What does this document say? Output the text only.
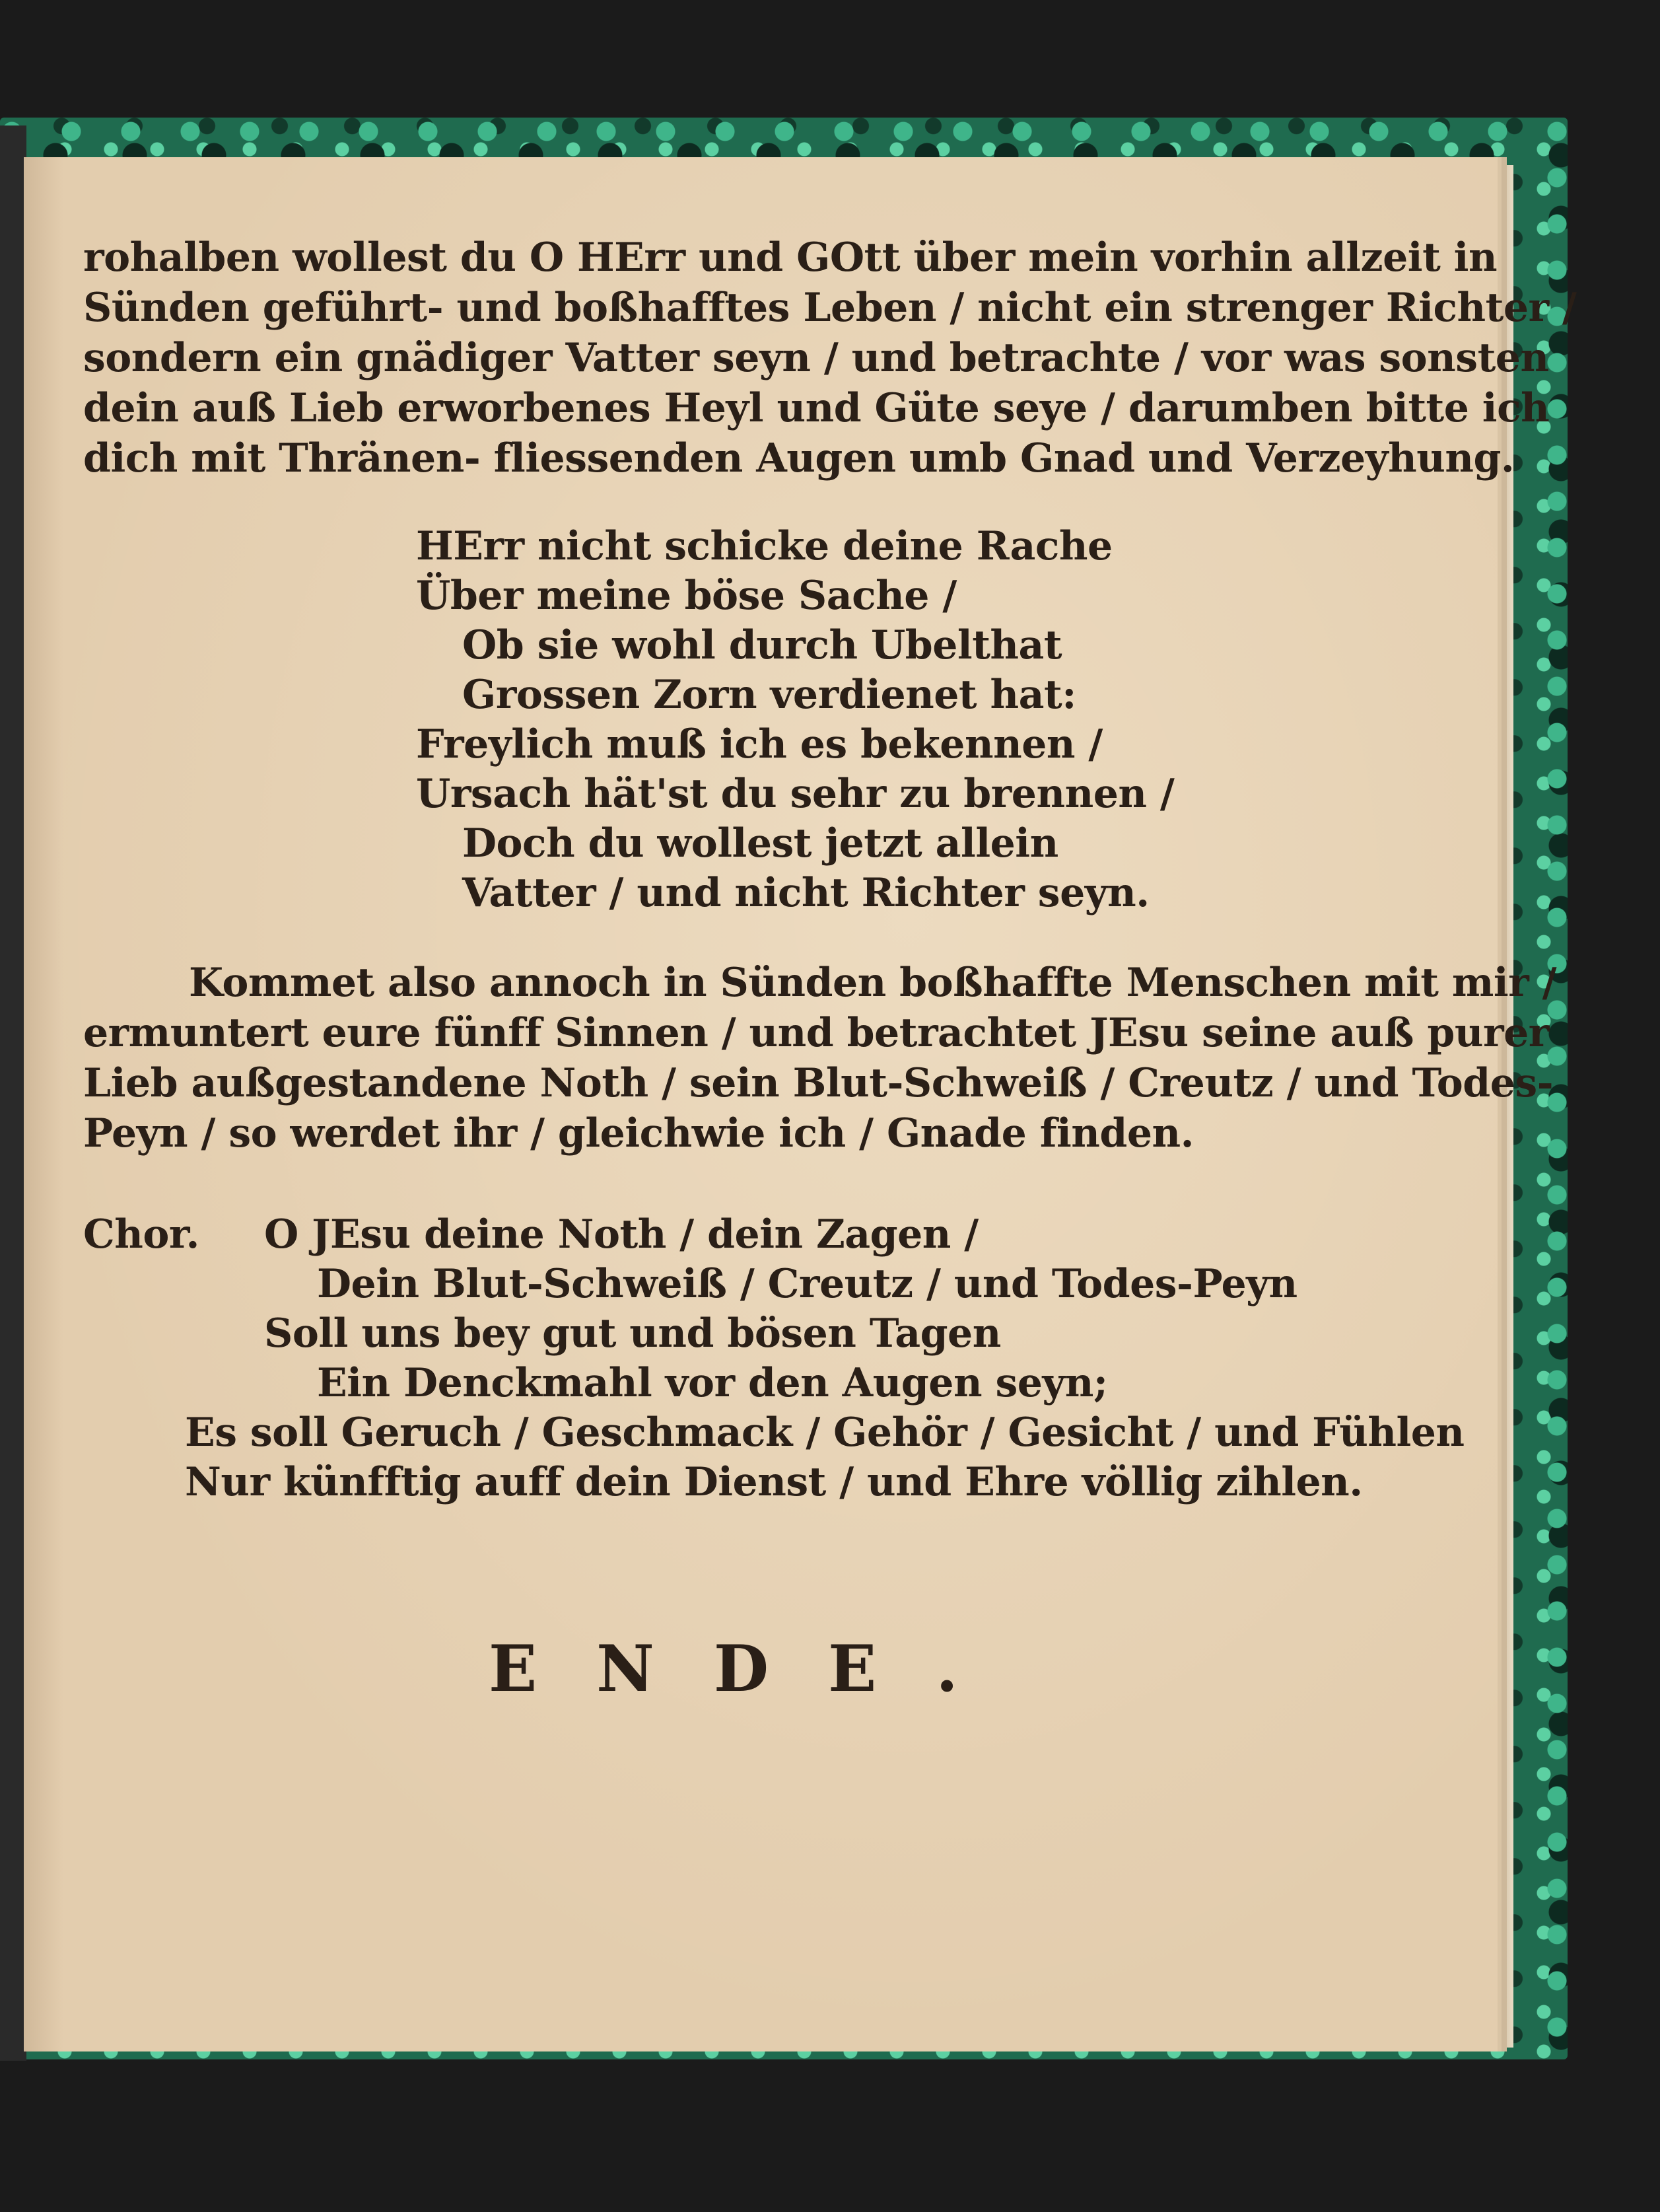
rohalben wollest du O HErr und GOtt über mein vorhin allzeit in
Sünden geführt- und boßhafftes Leben / nicht ein strenger Richter /
sondern ein gnädiger Vatter seyn / und betrachte / vor was sonsten
dein auß Lieb erworbenes Heyl und Güte seye / darumben bitte ich
dich mit Thränen- fliessenden Augen umb Gnad und Verzeyhung.
HErr nicht schicke deine Rache
Über meine böse Sache /
Ob sie wohl durch Ubelthat
Grossen Zorn verdienet hat:
Freylich muß ich es bekennen /
Ursach hät'st du sehr zu brennen /
Doch du wollest jetzt allein
Vatter / und nicht Richter seyn.
Kommet also annoch in Sünden boßhaffte Menschen mit mir /
ermuntert eure fünff Sinnen / und betrachtet JEsu seine auß purer
Lieb außgestandene Noth / sein Blut-Schweiß / Creutz / und Todes-
Peyn / so werdet ihr / gleichwie ich / Gnade finden.
Chor.	O JEsu deine Noth / dein Zagen /
Dein Blut-Schweiß / Creutz / und Todes-Peyn
Soll uns bey gut und bösen Tagen
Ein Denckmahl vor den Augen seyn;
Es soll Geruch / Geschmack / Gehör / Gesicht / und Fühlen
Nur künfftig auff dein Dienst / und Ehre völlig zihlen.
ENDE.
